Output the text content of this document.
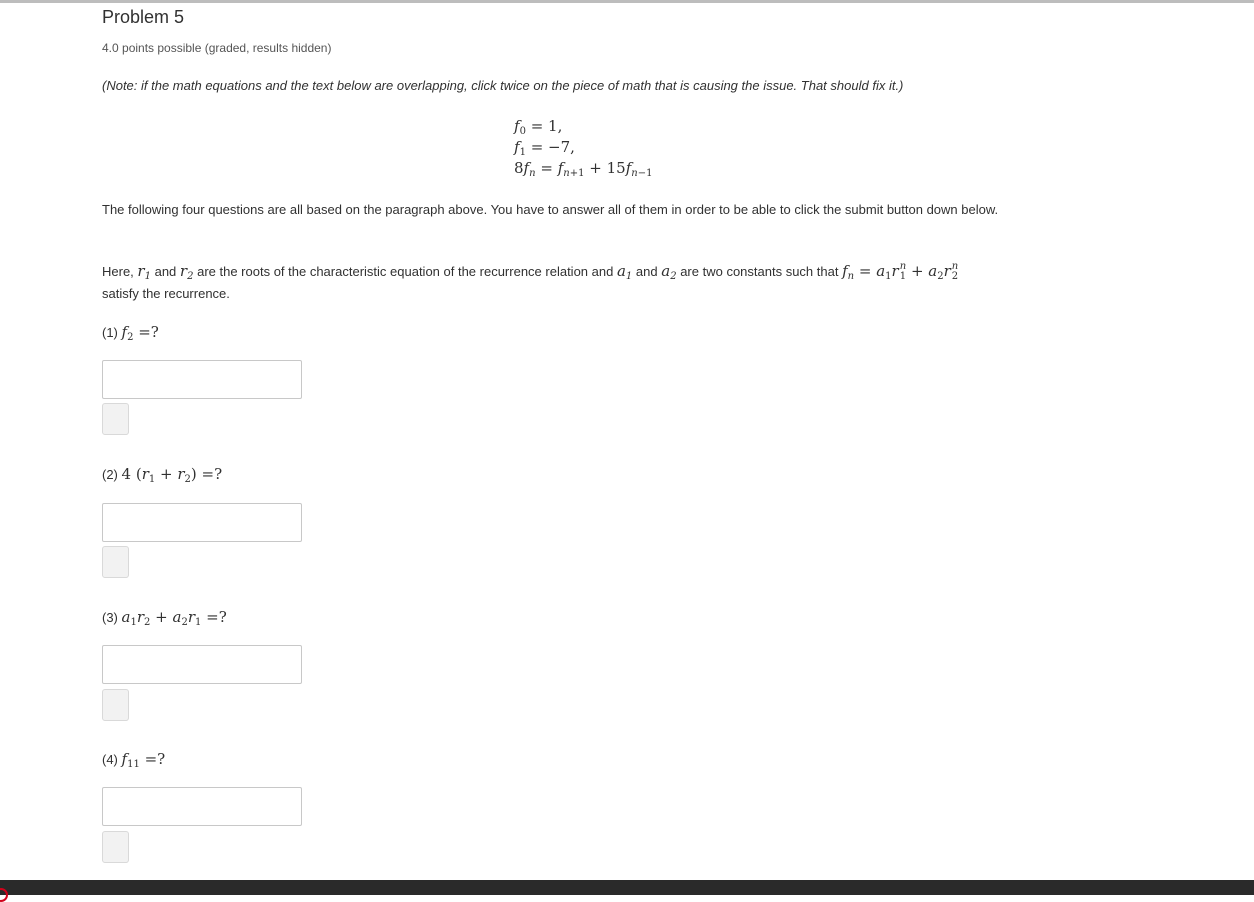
Problem 5
4.0 points possible (graded, results hidden)
(Note: if the math equations and the text below are overlapping, click twice on the piece of math that is causing the issue. That should fix it.)
$f_0 = 1$,
$f_1 = -7$,
$8f_n = f_{n+1} + 15f_{n-1}$
The following four questions are all based on the paragraph above. You have to answer all of them in order to be able to click the submit button down below.
Here, $r_1$ and $r_2$ are the roots of the characteristic equation of the recurrence relation and $a_1$ and $a_2$ are two constants such that $f_n = a_1r$ n
$1 + a_2r$ n
2

satisfy the recurrence.
(1) $f_2$ =?
(2) 4 $(r_1 + r_2)$ =?
(3) $a_1r_2 + a_2r_1$ =?
(4) $f_{11}$ =?
